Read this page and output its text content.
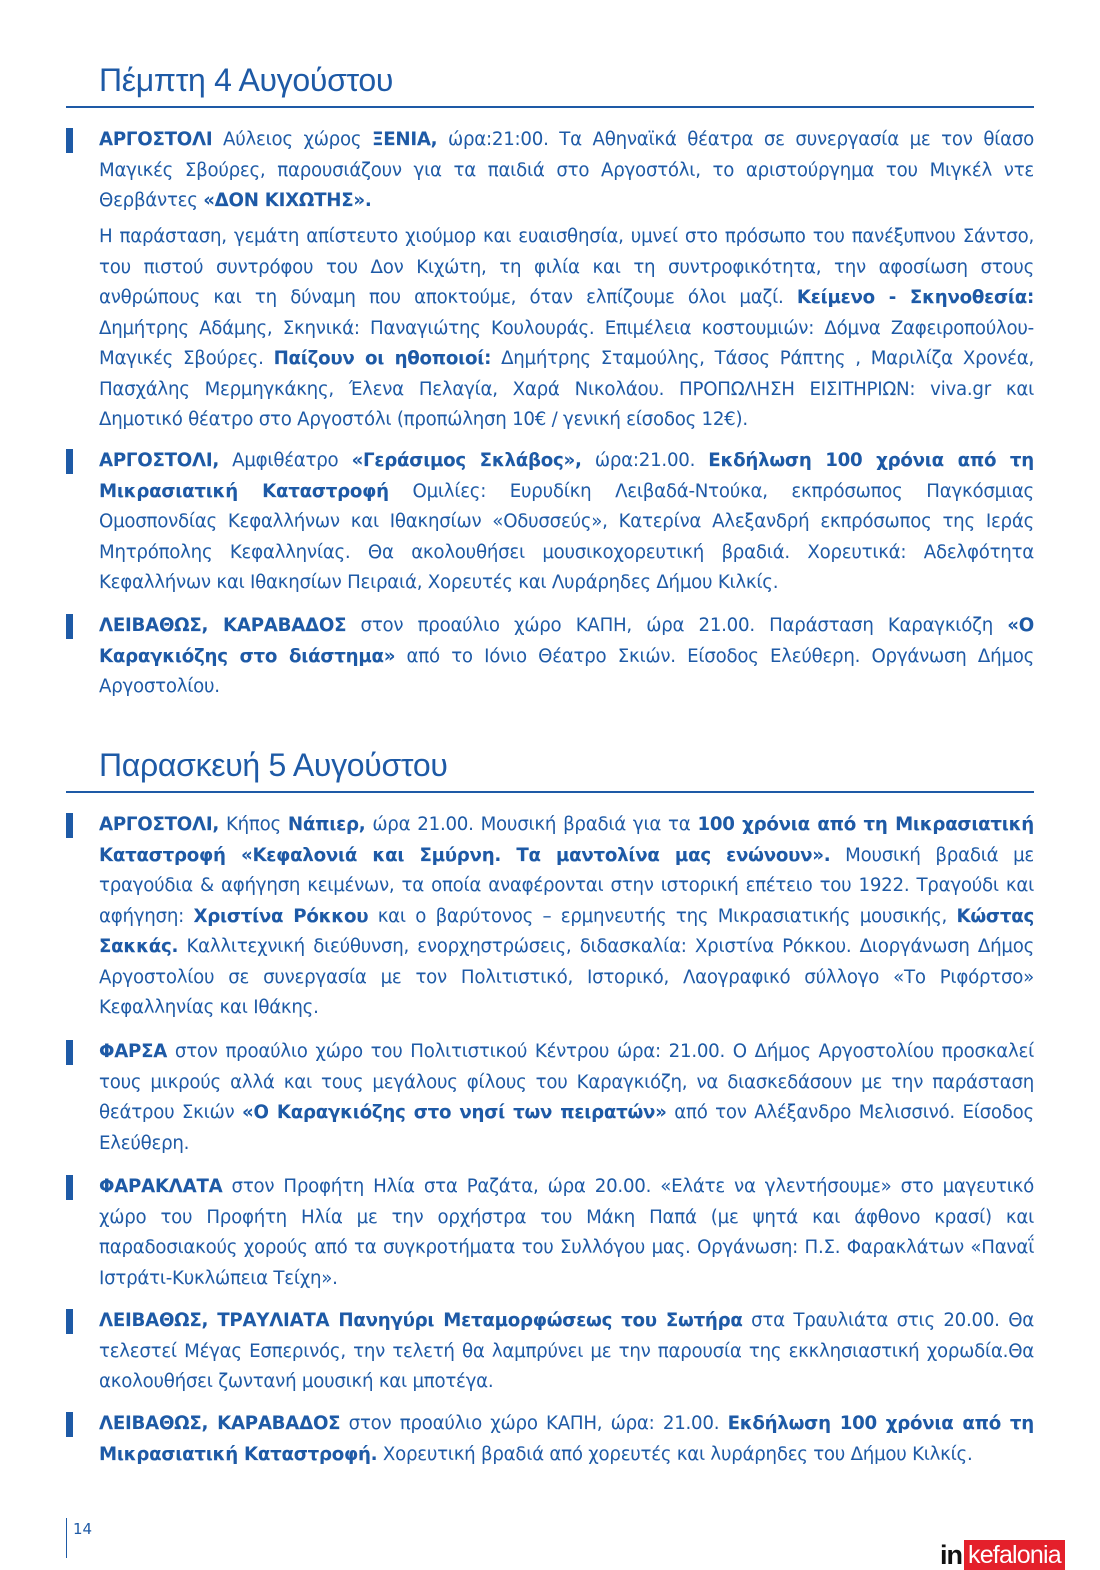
Πέμπτη 4 Αυγούστου

ΑΡΓΟΣΤΟΛΙ Αύλειος χώρος ΞΕΝΙΑ, ώρα:21:00. Τα Αθηναϊκά θέατρα σε συνεργασία με τον θίασο Μαγικές Σβούρες, παρουσιάζουν για τα παιδιά στο Αργοστόλι, το αριστούργημα του Μιγκέλ ντε Θερβάντες «ΔΟΝ ΚΙΧΩΤΗΣ».

Η παράσταση, γεμάτη απίστευτο χιούμορ και ευαισθησία, υμνεί στο πρόσωπο του πανέξυπνου Σάντσο, του πιστού συντρόφου του Δον Κιχώτη, τη φιλία και τη συντροφικότητα, την αφοσίωση στους ανθρώπους και τη δύναμη που αποκτούμε, όταν ελπίζουμε όλοι μαζί. Κείμενο - Σκηνοθεσία: Δημήτρης Αδάμης, Σκηνικά: Παναγιώτης Κουλουράς. Επιμέλεια κοστουμιών: Δόμνα Ζαφειροπούλου-Μαγικές Σβούρες. Παίζουν οι ηθοποιοί: Δημήτρης Σταμούλης, Τάσος Ράπτης , Μαριλίζα Χρονέα, Πασχάλης Μερμηγκάκης, Έλενα Πελαγία, Χαρά Νικολάου. ΠΡΟΠΩΛΗΣΗ ΕΙΣΙΤΗΡΙΩΝ: viva.gr και Δημοτικό θέατρο στο Αργοστόλι (προπώληση 10€ / γενική είσοδος 12€).

ΑΡΓΟΣΤΟΛΙ, Αμφιθέατρο «Γεράσιμος Σκλάβος», ώρα:21.00. Εκδήλωση 100 χρόνια από τη Μικρασιατική Καταστροφή Ομιλίες: Ευρυδίκη Λειβαδά-Ντούκα, εκπρόσωπος Παγκόσμιας Ομοσπονδίας Κεφαλλήνων και Ιθακησίων «Οδυσσεύς», Κατερίνα Αλεξανδρή εκπρόσωπος της Ιεράς Μητρόπολης Κεφαλληνίας. Θα ακολουθήσει μουσικοχορευτική βραδιά. Χορευτικά: Αδελφότητα Κεφαλλήνων και Ιθακησίων Πειραιά, Χορευτές και Λυράρηδες Δήμου Κιλκίς.

ΛΕΙΒΑΘΩΣ, ΚΑΡΑΒΑΔΟΣ στον προαύλιο χώρο ΚΑΠΗ, ώρα 21.00. Παράσταση Καραγκιόζη «Ο Καραγκιόζης στο διάστημα» από το Ιόνιο Θέατρο Σκιών. Είσοδος Ελεύθερη. Οργάνωση Δήμος Αργοστολίου.

Παρασκευή 5 Αυγούστου

ΑΡΓΟΣΤΟΛΙ, Κήπος Νάπιερ, ώρα 21.00. Μουσική βραδιά για τα 100 χρόνια από τη Μικρασιατική Καταστροφή «Κεφαλονιά και Σμύρνη. Τα μαντολίνα μας ενώνουν». Μουσική βραδιά με τραγούδια & αφήγηση κειμένων, τα οποία αναφέρονται στην ιστορική επέτειο του 1922. Τραγούδι και αφήγηση: Χριστίνα Ρόκκου και ο βαρύτονος – ερμηνευτής της Μικρασιατικής μουσικής, Κώστας Σακκάς. Καλλιτεχνική διεύθυνση, ενορχηστρώσεις, διδασκαλία: Χριστίνα Ρόκκου. Διοργάνωση Δήμος Αργοστολίου σε συνεργασία με τον Πολιτιστικό, Ιστορικό, Λαογραφικό σύλλογο «Το Ριφόρτσο» Κεφαλληνίας και Ιθάκης.

ΦΑΡΣΑ στον προαύλιο χώρο του Πολιτιστικού Κέντρου ώρα: 21.00. Ο Δήμος Αργοστολίου προσκαλεί τους μικρούς αλλά και τους μεγάλους φίλους του Καραγκιόζη, να διασκεδάσουν με την παράσταση θεάτρου Σκιών «Ο Καραγκιόζης στο νησί των πειρατών» από τον Αλέξανδρο Μελισσινό. Είσοδος Ελεύθερη.

ΦΑΡΑΚΛΑΤΑ στον Προφήτη Ηλία στα Ραζάτα, ώρα 20.00. «Ελάτε να γλεντήσουμε» στο μαγευτικό χώρο του Προφήτη Ηλία με την ορχήστρα του Μάκη Παπά (με ψητά και άφθονο κρασί) και παραδοσιακούς χορούς από τα συγκροτήματα του Συλλόγου μας. Οργάνωση: Π.Σ. Φαρακλάτων «Παναΐ Ιστράτι-Κυκλώπεια Τείχη».

ΛΕΙΒΑΘΩΣ, ΤΡΑΥΛΙΑΤΑ Πανηγύρι Μεταμορφώσεως του Σωτήρα στα Τραυλιάτα στις 20.00. Θα τελεστεί Μέγας Εσπερινός, την τελετή θα λαμπρύνει με την παρουσία της εκκλησιαστική χορωδία.Θα ακολουθήσει ζωντανή μουσική και μποτέγα.

ΛΕΙΒΑΘΩΣ, ΚΑΡΑΒΑΔΟΣ στον προαύλιο χώρο ΚΑΠΗ, ώρα: 21.00. Εκδήλωση 100 χρόνια από τη Μικρασιατική Καταστροφή. Χορευτική βραδιά από χορευτές και λυράρηδες του Δήμου Κιλκίς.

14
in kefalonia
